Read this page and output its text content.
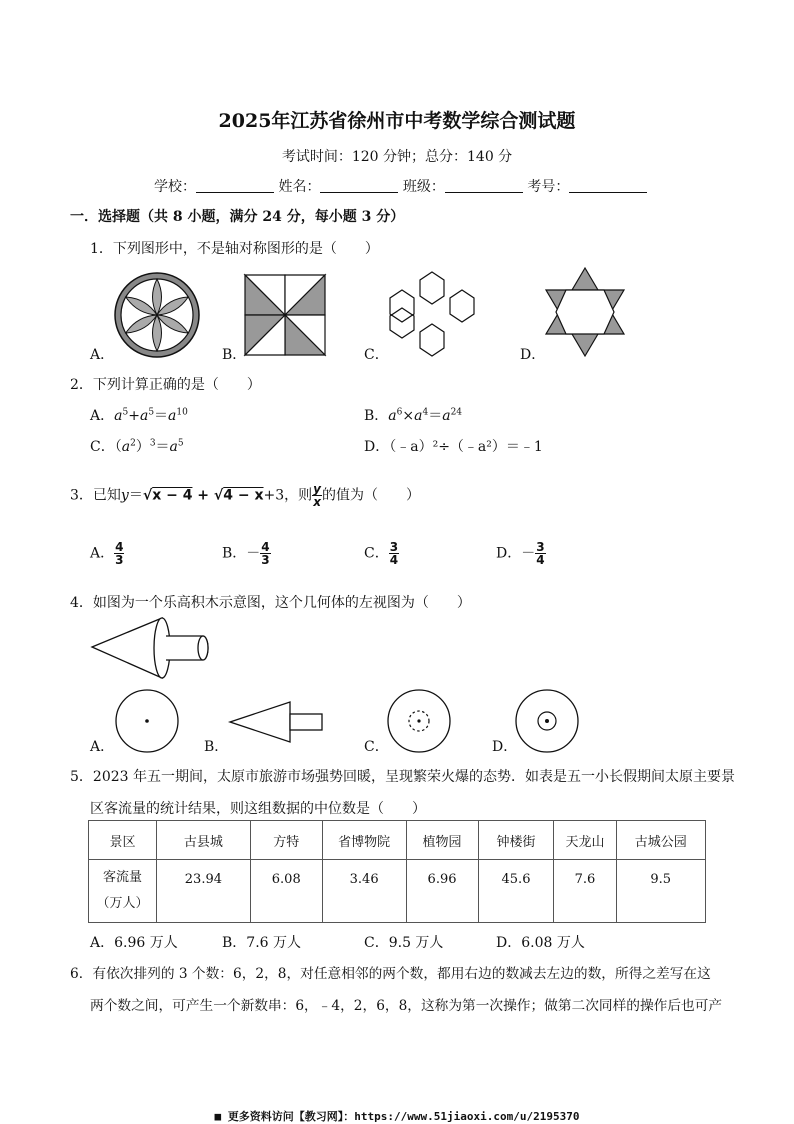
2025年江苏省徐州市中考数学综合测试题
考试时间：120 分钟；总分：140 分
学校：	姓名：	班级：	考号：
一．选择题（共 8 小题，满分 24 分，每小题 3 分）
1．下列图形中，不是轴对称图形的是（　　）
A．	B．	C．	D．
2．下列计算正确的是（　　）
A．$a^5+a^5=a^{10}$	B．$a^6\times a^4=a^{24}$
C．$(a^2)^3=a^5$	D．（﹣a）²÷（﹣a²）＝﹣1
3．已知y＝√x − 4 + √4 − x+3，则 $\frac{y}{x}$ 的值为（　　）
A． $\frac{4}{3}$	B．－ $\frac{4}{3}$	C． $\frac{3}{4}$	D．－ $\frac{3}{4}$
4．如图为一个乐高积木示意图，这个几何体的左视图为（　　）
A．	B．	C．	D．
5．2023 年五一期间，太原市旅游市场强势回暖，呈现繁荣火爆的态势．如表是五一小长假期间太原主要景
区客流量的统计结果，则这组数据的中位数是（　　）
景区	古县城	方特	省博物院	植物园	钟楼街	天龙山	古城公园
客流量
（万人）	23.94	6.08	3.46	6.96	45.6	7.6	9.5
A．6.96 万人	B．7.6 万人	C．9.5 万人	D．6.08 万人
6．有依次排列的 3 个数：6，2，8，对任意相邻的两个数，都用右边的数减去左边的数，所得之差写在这
两个数之间，可产生一个新数串：6，﹣4，2，6，8，这称为第一次操作；做第二次同样的操作后也可产
■ 更多资料访问【教习网】：https://www.51jiaoxi.com/u/2195370
